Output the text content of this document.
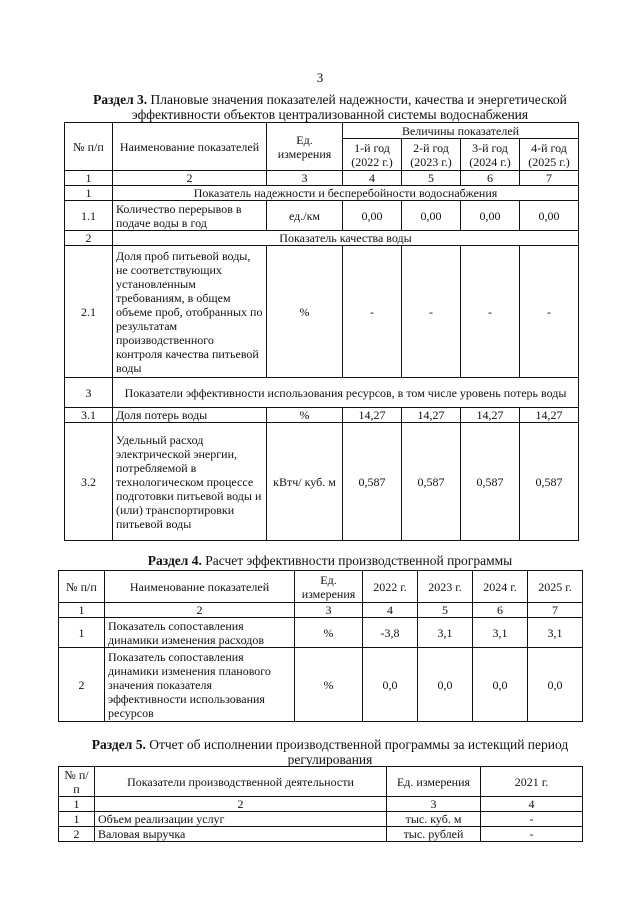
3
Раздел 3. Плановые значения показателей надежности, качества и энергетической эффективности объектов централизованной системы водоснабжения
№ п/п	Наименование показателей	Ед. измерения	Величины показателей			
			1-й год (2022 г.)	2-й год (2023 г.)	3-й год (2024 г.)	4-й год (2025 г.)
1	2	3	4	5	6	7
1	Показатель надежности и бесперебойности водоснабжения					
1.1	Количество перерывов в подаче воды в год	ед./км	0,00	0,00	0,00	0,00
2	Показатель качества воды					
2.1	Доля проб питьевой воды, не соответствующих установленным требованиям, в общем объеме проб, отобранных по результатам производственного контроля качества питьевой воды	%	-	-	-	-
3	Показатели эффективности использования ресурсов, в том числе уровень потерь воды					
3.1	Доля потерь воды	%	14,27	14,27	14,27	14,27
3.2	Удельный расход электрической энергии, потребляемой в технологическом процессе подготовки питьевой воды и (или) транспортировки питьевой воды	кВтч/ куб. м	0,587	0,587	0,587	0,587
Раздел 4. Расчет эффективности производственной программы
№ п/п	Наименование показателей	Ед. измерения	2022 г.	2023 г.	2024 г.	2025 г.
1	2	3	4	5	6	7
1	Показатель сопоставления динамики изменения расходов	%	-3,8	3,1	3,1	3,1
2	Показатель сопоставления динамики изменения планового значения показателя эффективности использования ресурсов	%	0,0	0,0	0,0	0,0
Раздел 5. Отчет об исполнении производственной программы за истекщий период регулирования
№ п/п	Показатели производственной деятельности	Ед. измерения	2021 г.
1	2	3	4
1	Объем реализации услуг	тыс. куб. м	-
2	Валовая выручка	тыс. рублей	-
